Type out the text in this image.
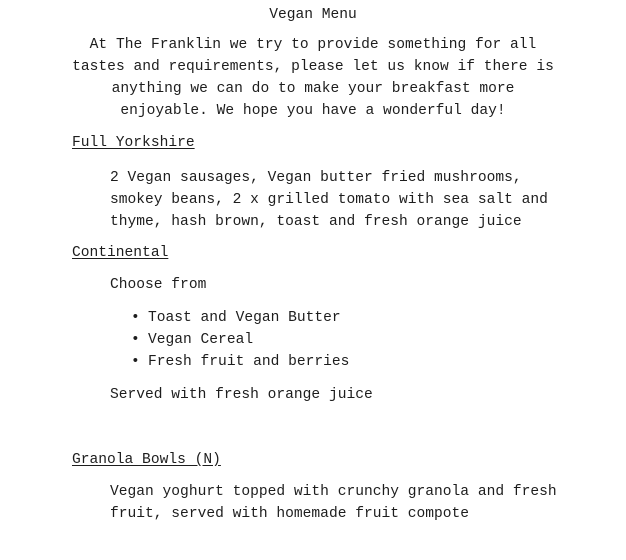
Vegan Menu
At The Franklin we try to provide something for all
tastes and requirements, please let us know if there is
anything we can do to make your breakfast more
enjoyable. We hope you have a wonderful day!
Full Yorkshire
2 Vegan sausages, Vegan butter fried mushrooms,
smokey beans, 2 x grilled tomato with sea salt and
thyme, hash brown, toast and fresh orange juice
Continental
Choose from
• Toast and Vegan Butter
• Vegan Cereal
• Fresh fruit and berries
Served with fresh orange juice
Granola Bowls (N)
Vegan yoghurt topped with crunchy granola and fresh
fruit, served with homemade fruit compote
